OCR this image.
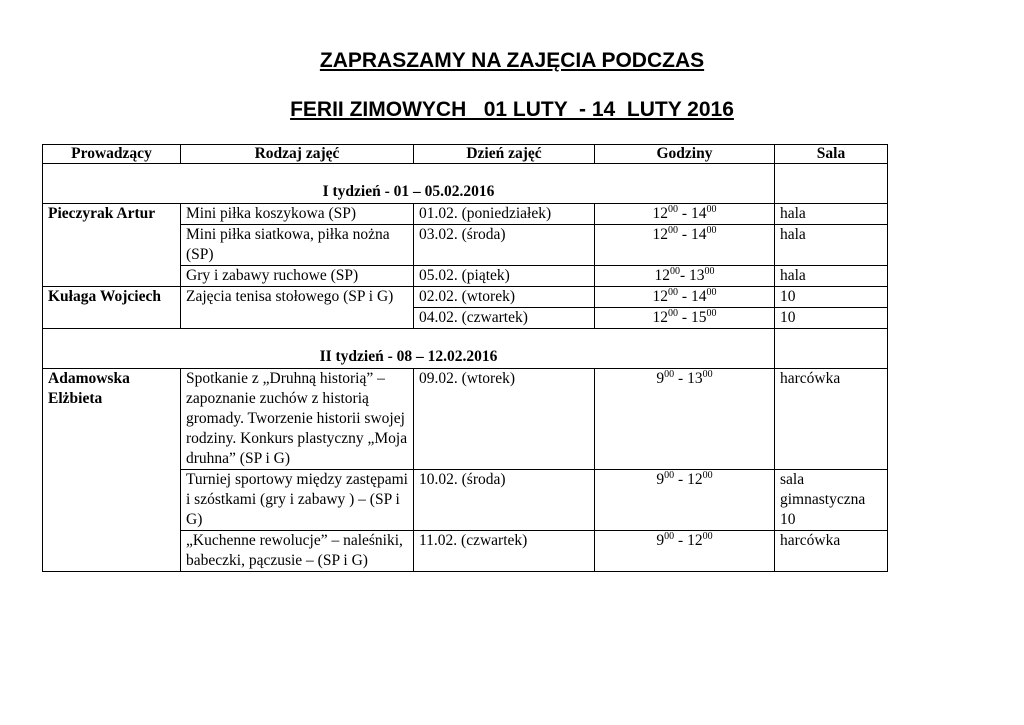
ZAPRASZAMY NA ZAJĘCIA PODCZAS
FERII ZIMOWYCH   01 LUTY  - 14  LUTY 2016
Prowadzący	Rodzaj zajęć	Dzień zajęć	Godziny	Sala
I tydzień - 01 – 05.02.2016				
Pieczyrak Artur	Mini piłka koszykowa (SP)	01.02. (poniedziałek)	$12^{00} - 14^{00}$	hala
	Mini piłka siatkowa, piłka nożna (SP)	03.02. (środa)	$12^{00} - 14^{00}$	hala
	Gry i zabawy ruchowe (SP)	05.02. (piątek)	$12^{00}-$ $13^{00}$	hala
Kułaga Wojciech	Zajęcia tenisa stołowego (SP i G)	02.02. (wtorek)	$12^{00} - 14^{00}$	10
		04.02. (czwartek)	$12^{00} - 15^{00}$	10
II tydzień - 08 – 12.02.2016				
Adamowska Elżbieta	Spotkanie z „Druhną historią” – zapoznanie zuchów z historią gromady. Tworzenie historii swojej rodziny. Konkurs plastyczny „Moja druhna” (SP i G)	09.02. (wtorek)	$9^{00} - 13^{00}$	harcówka
	Turniej sportowy między zastępami i szóstkami (gry i zabawy ) – (SP i G)	10.02. (środa)	$9^{00} - 12^{00}$	sala gimnastyczna 10
	„Kuchenne rewolucje” – naleśniki, babeczki, pączusie – (SP i G)	11.02. (czwartek)	$9^{00} - 12^{00}$	harcówka
